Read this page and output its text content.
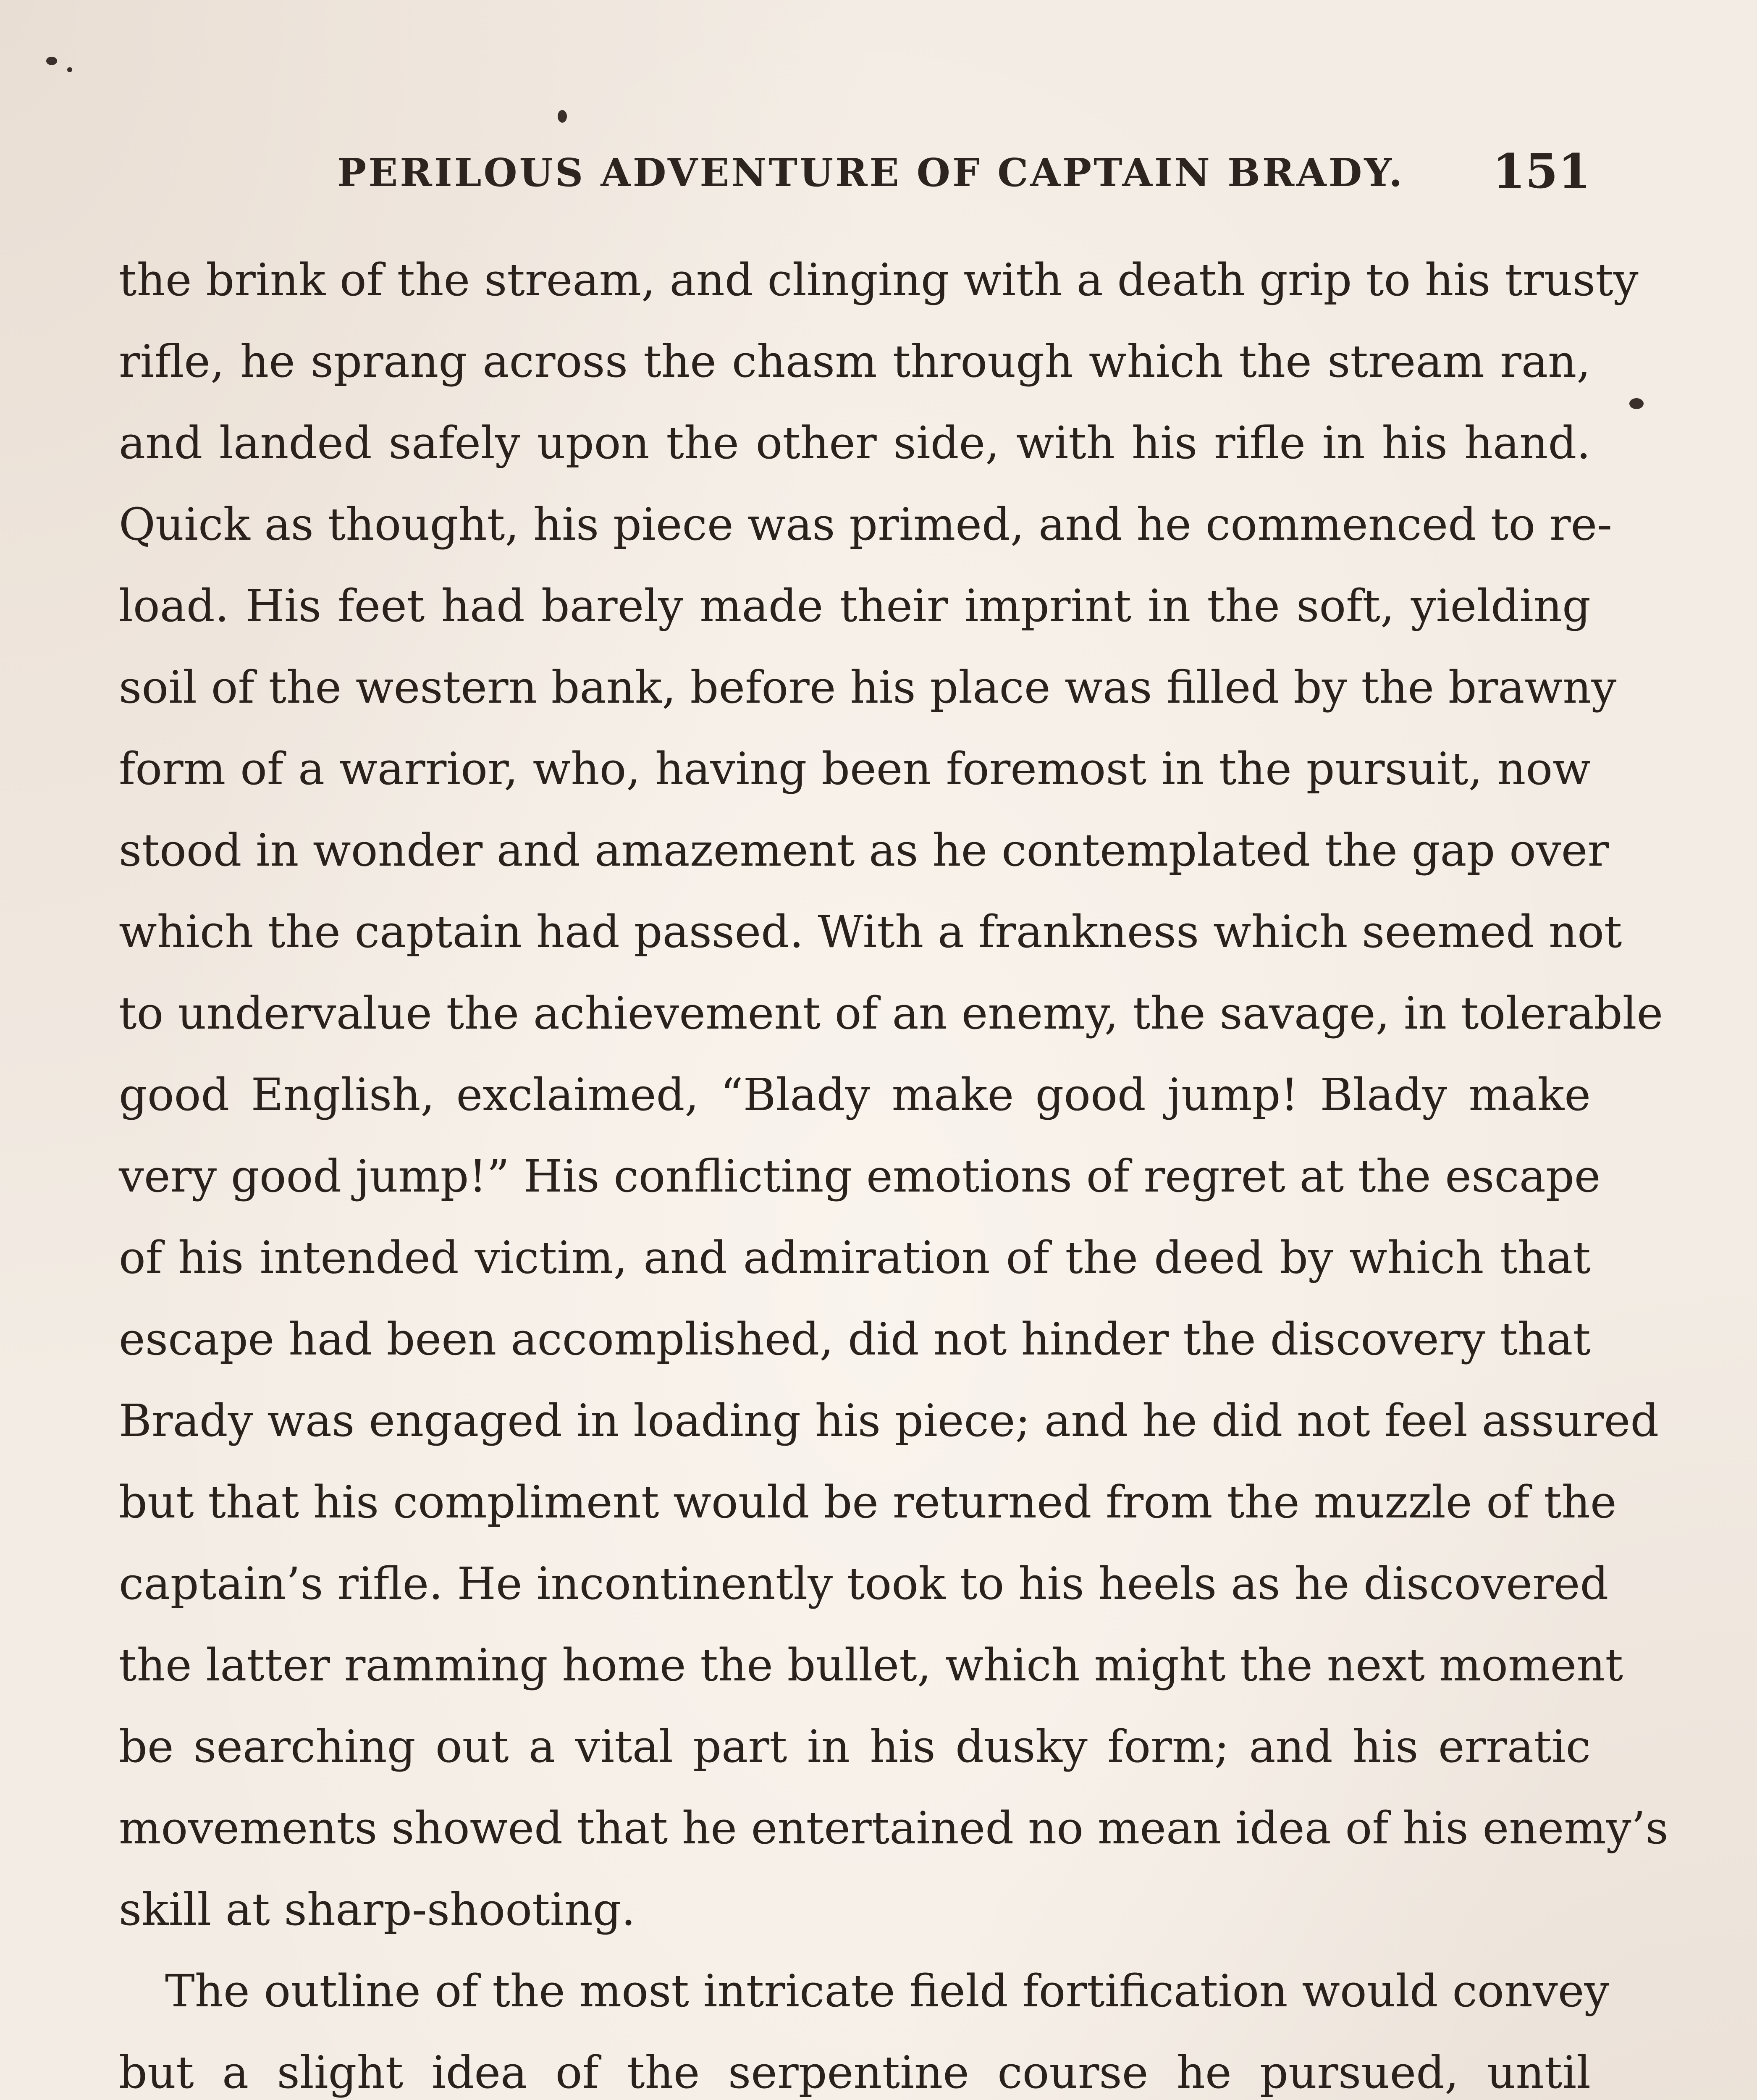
PERILOUS ADVENTURE OF CAPTAIN BRADY. 151
the brink of the stream, and clinging with a death grip to his trusty
rifle, he sprang across the chasm through which the stream ran,
and landed safely upon the other side, with his rifle in his hand.
Quick as thought, his piece was primed, and he commenced to re-
load. His feet had barely made their imprint in the soft, yielding
soil of the western bank, before his place was filled by the brawny
form of a warrior, who, having been foremost in the pursuit, now
stood in wonder and amazement as he contemplated the gap over
which the captain had passed. With a frankness which seemed not
to undervalue the achievement of an enemy, the savage, in tolerable
good English, exclaimed, “Blady make good jump! Blady make
very good jump!” His conflicting emotions of regret at the escape
of his intended victim, and admiration of the deed by which that
escape had been accomplished, did not hinder the discovery that
Brady was engaged in loading his piece; and he did not feel assured
but that his compliment would be returned from the muzzle of the
captain’s rifle. He incontinently took to his heels as he discovered
the latter ramming home the bullet, which might the next moment
be searching out a vital part in his dusky form; and his erratic
movements showed that he entertained no mean idea of his enemy’s
skill at sharp-shooting.
The outline of the most intricate field fortification would convey
but a slight idea of the serpentine course he pursued, until
